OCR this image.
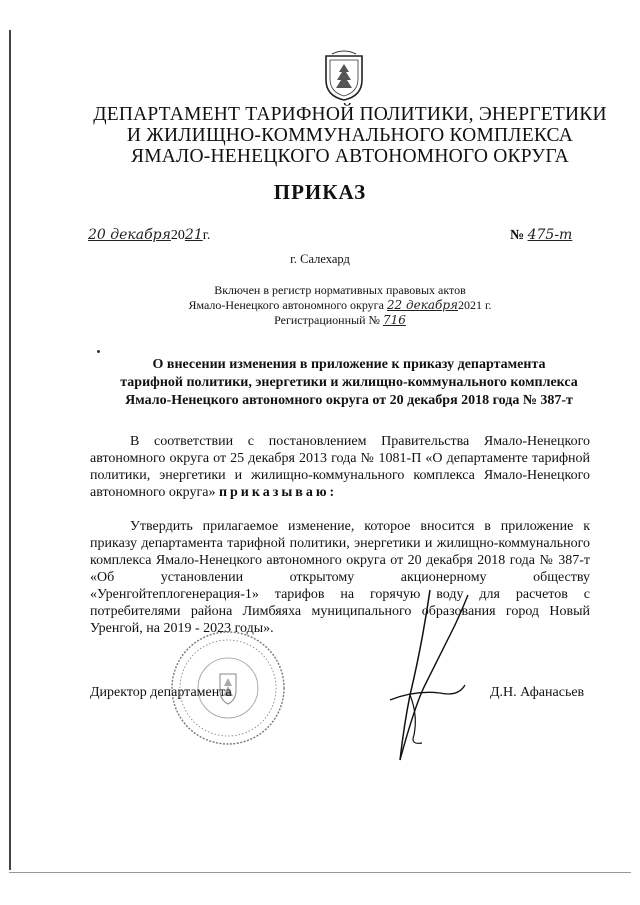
ДЕПАРТАМЕНТ ТАРИФНОЙ ПОЛИТИКИ, ЭНЕРГЕТИКИ
И ЖИЛИЩНО-КОММУНАЛЬНОГО КОМПЛЕКСА
ЯМАЛО-НЕНЕЦКОГО АВТОНОМНОГО ОКРУГА
ПРИКАЗ
20 декабря2021г.	№ 475-т
г. Салехард
Включен в регистр нормативных правовых актов
Ямало-Ненецкого автономного округа 22 декабря2021 г.
Регистрационный № 716
О внесении изменения в приложение к приказу департамента
тарифной политики, энергетики и жилищно-коммунального комплекса
Ямало-Ненецкого автономного округа от 20 декабря 2018 года № 387-т
В соответствии с постановлением Правительства Ямало-Ненецкого автономного округа от 25 декабря 2013 года № 1081-П «О департаменте тарифной политики, энергетики и жилищно-коммунального комплекса Ямало-Ненецкого автономного округа» приказываю:
Утвердить прилагаемое изменение, которое вносится в приложение к приказу департамента тарифной политики, энергетики и жилищно-коммунального комплекса Ямало-Ненецкого автономного округа от 20 декабря 2018 года № 387-т «Об установлении открытому акционерному обществу «Уренгойтеплогенерация-1» тарифов на горячую воду для расчетов с потребителями района Лимбяяха муниципального образования город Новый Уренгой, на 2019 - 2023 годы».
Директор департамента	Д.Н. Афанасьев
